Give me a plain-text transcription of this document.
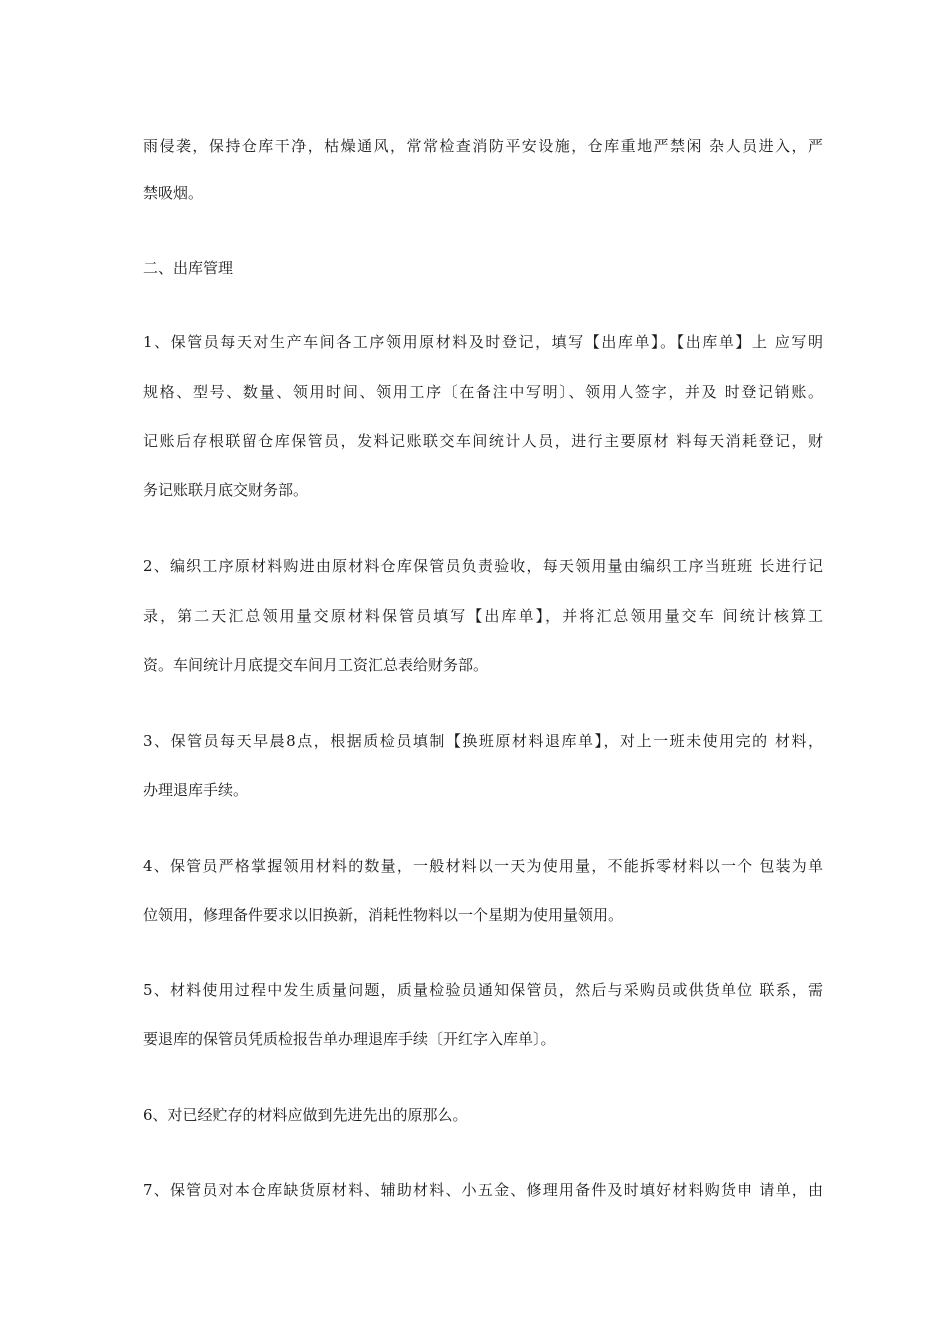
雨侵袭，保持仓库干净，枯燥通风，常常检查消防平安设施，仓库重地严禁闲 杂人员进入，严
禁吸烟。
二、出库管理
1、保管员每天对生产车间各工序领用原材料及时登记，填写【出库单】。【出库单】上 应写明
规格、型号、数量、领用时间、领用工序〔在备注中写明〕、领用人签字，并及 时登记销账。
记账后存根联留仓库保管员，发料记账联交车间统计人员，进行主要原材 料每天消耗登记，财
务记账联月底交财务部。
2、编织工序原材料购进由原材料仓库保管员负责验收，每天领用量由编织工序当班班 长进行记
录，第二天汇总领用量交原材料保管员填写【出库单】，并将汇总领用量交车 间统计核算工
资。车间统计月底提交车间月工资汇总表给财务部。
3、保管员每天早晨8点，根据质检员填制【换班原材料退库单】，对上一班未使用完的 材料，
办理退库手续。
4、保管员严格掌握领用材料的数量，一般材料以一天为使用量，不能拆零材料以一个 包装为单
位领用，修理备件要求以旧换新，消耗性物料以一个星期为使用量领用。
5、材料使用过程中发生质量问题，质量检验员通知保管员，然后与采购员或供货单位 联系，需
要退库的保管员凭质检报告单办理退库手续〔开红字入库单〕。
6、对已经贮存的材料应做到先进先出的原那么。
7、保管员对本仓库缺货原材料、辅助材料、小五金、修理用备件及时填好材料购货申 请单，由
